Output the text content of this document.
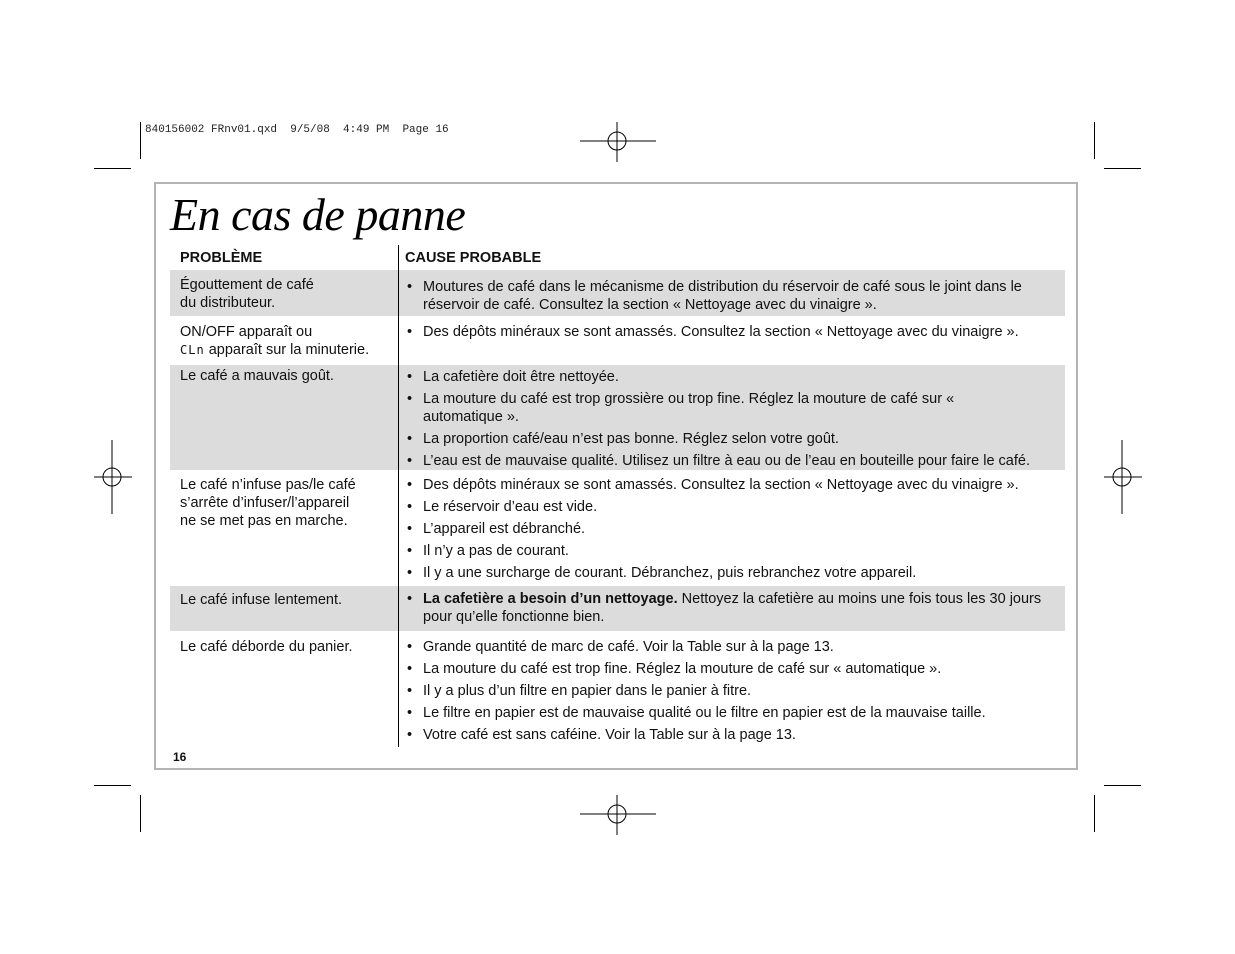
840156002 FRnv01.qxd  9/5/08  4:49 PM  Page 16
En cas de panne
PROBLÈME	CAUSE PROBABLE
Égouttement de café
du distributeur.
• Moutures de café dans le mécanisme de distribution du réservoir de café sous le joint dans le réservoir de café. Consultez la section « Nettoyage avec du vinaigre ».
ON/OFF apparaît ou
CLn apparaît sur la minuterie.
• Des dépôts minéraux se sont amassés. Consultez la section « Nettoyage avec du vinaigre ».
Le café a mauvais goût.	• La cafetière doit être nettoyée.
• La mouture du café est trop grossière ou trop fine. Réglez la mouture de café sur « automatique ».
• La proportion café/eau n’est pas bonne. Réglez selon votre goût.
• L’eau est de mauvaise qualité. Utilisez un filtre à eau ou de l’eau en bouteille pour faire le café.
Le café n’infuse pas/le café
s’arrête d’infuser/l’appareil
ne se met pas en marche.
• Des dépôts minéraux se sont amassés. Consultez la section « Nettoyage avec du vinaigre ».
• Le réservoir d’eau est vide.
• L’appareil est débranché.
• Il n’y a pas de courant.
• Il y a une surcharge de courant. Débranchez, puis rebranchez votre appareil.
Le café infuse lentement.	• La cafetière a besoin d’un nettoyage. Nettoyez la cafetière au moins une fois tous les 30 jours pour qu’elle fonctionne bien.
Le café déborde du panier.	• Grande quantité de marc de café. Voir la Table sur à la page 13.
• La mouture du café est trop fine. Réglez la mouture de café sur « automatique ».
• Il y a plus d’un filtre en papier dans le panier à fitre.
• Le filtre en papier est de mauvaise qualité ou le filtre en papier est de la mauvaise taille.
• Votre café est sans caféine. Voir la Table sur à la page 13.
16
